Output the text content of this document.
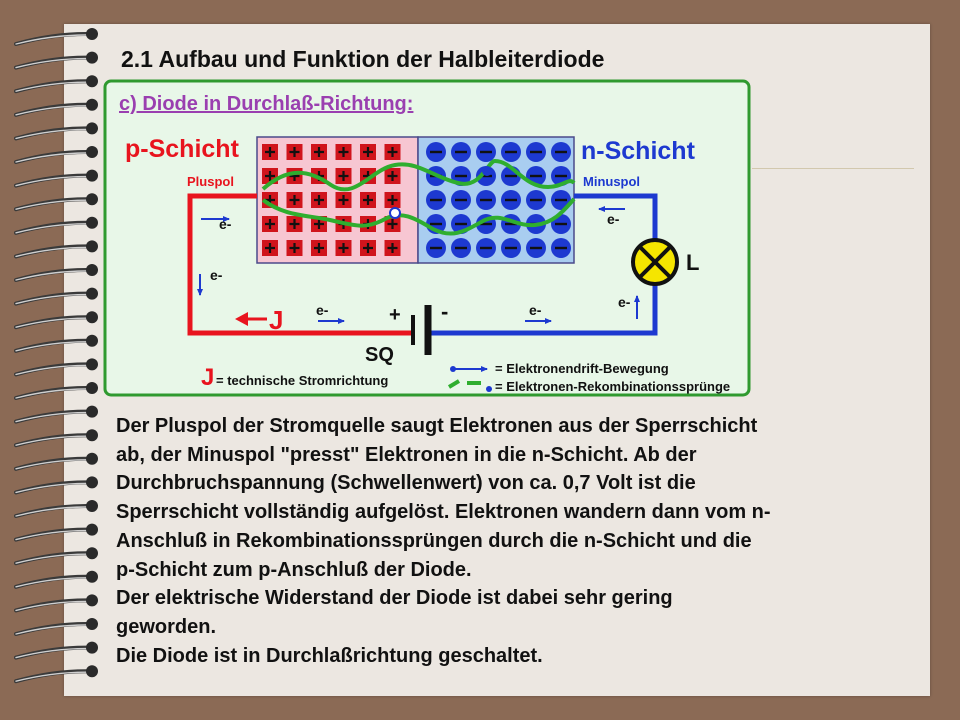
2.1 Aufbau und Funktion der Halbleiterdiode
c) Diode in Durchlaß-Richtung:
p-Schicht	n-Schicht
Pluspol	Minuspol
+ -
SQ
L
J
e-
e-
e-	e-
e-
e-
J = technische Stromrichtung
= Elektronendrift-Bewegung
= Elektronen-Rekombinationssprünge

Der Pluspol der Stromquelle saugt Elektronen aus der Sperrschicht
ab, der Minuspol "presst" Elektronen in die n-Schicht. Ab der
Durchbruchspannung (Schwellenwert) von ca. 0,7 Volt ist die
Sperrschicht vollständig aufgelöst. Elektronen wandern dann vom n-
Anschluß in Rekombinationssprüngen durch die n-Schicht und die
p-Schicht zum p-Anschluß der Diode.

Der elektrische Widerstand der Diode ist dabei sehr gering
geworden.

Die Diode ist in Durchlaßrichtung geschaltet.
